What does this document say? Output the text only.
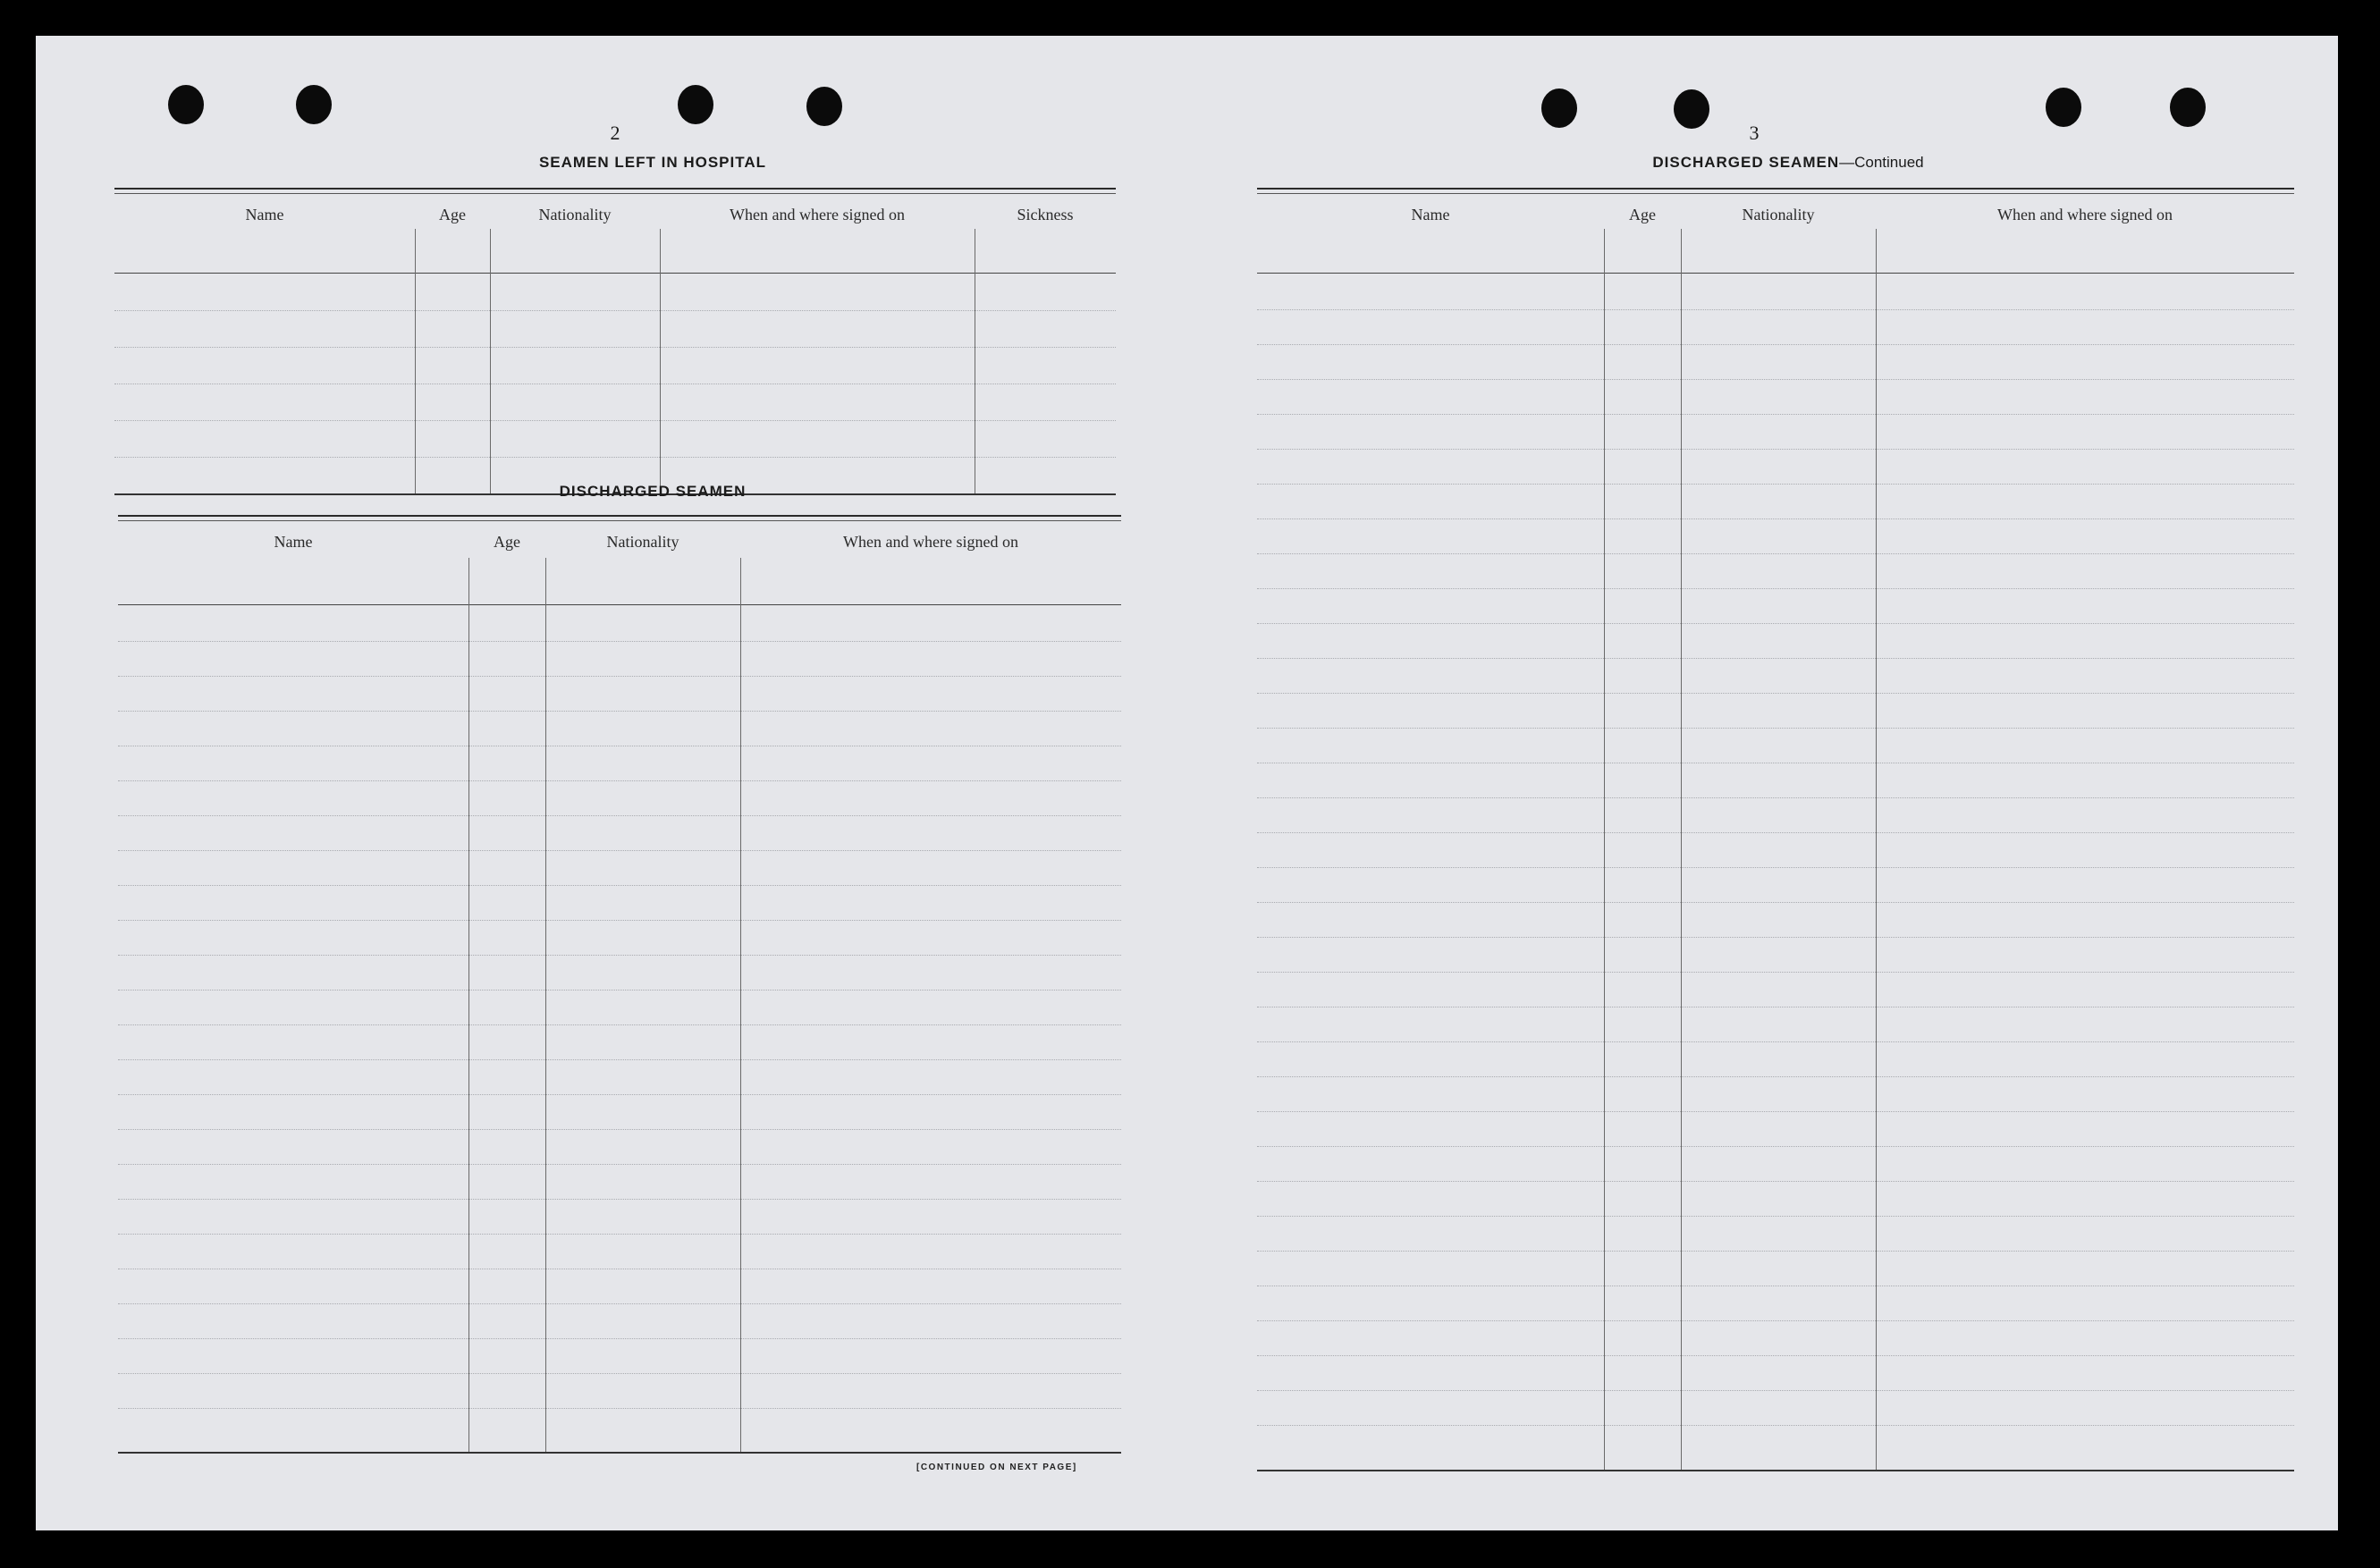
2
SEAMEN LEFT IN HOSPITAL
Name	Age	Nationality	When and where signed on	Sickness
DISCHARGED SEAMEN
Name	Age	Nationality	When and where signed on
[CONTINUED ON NEXT PAGE]
3
DISCHARGED SEAMEN—Continued
Name	Age	Nationality	When and where signed on
